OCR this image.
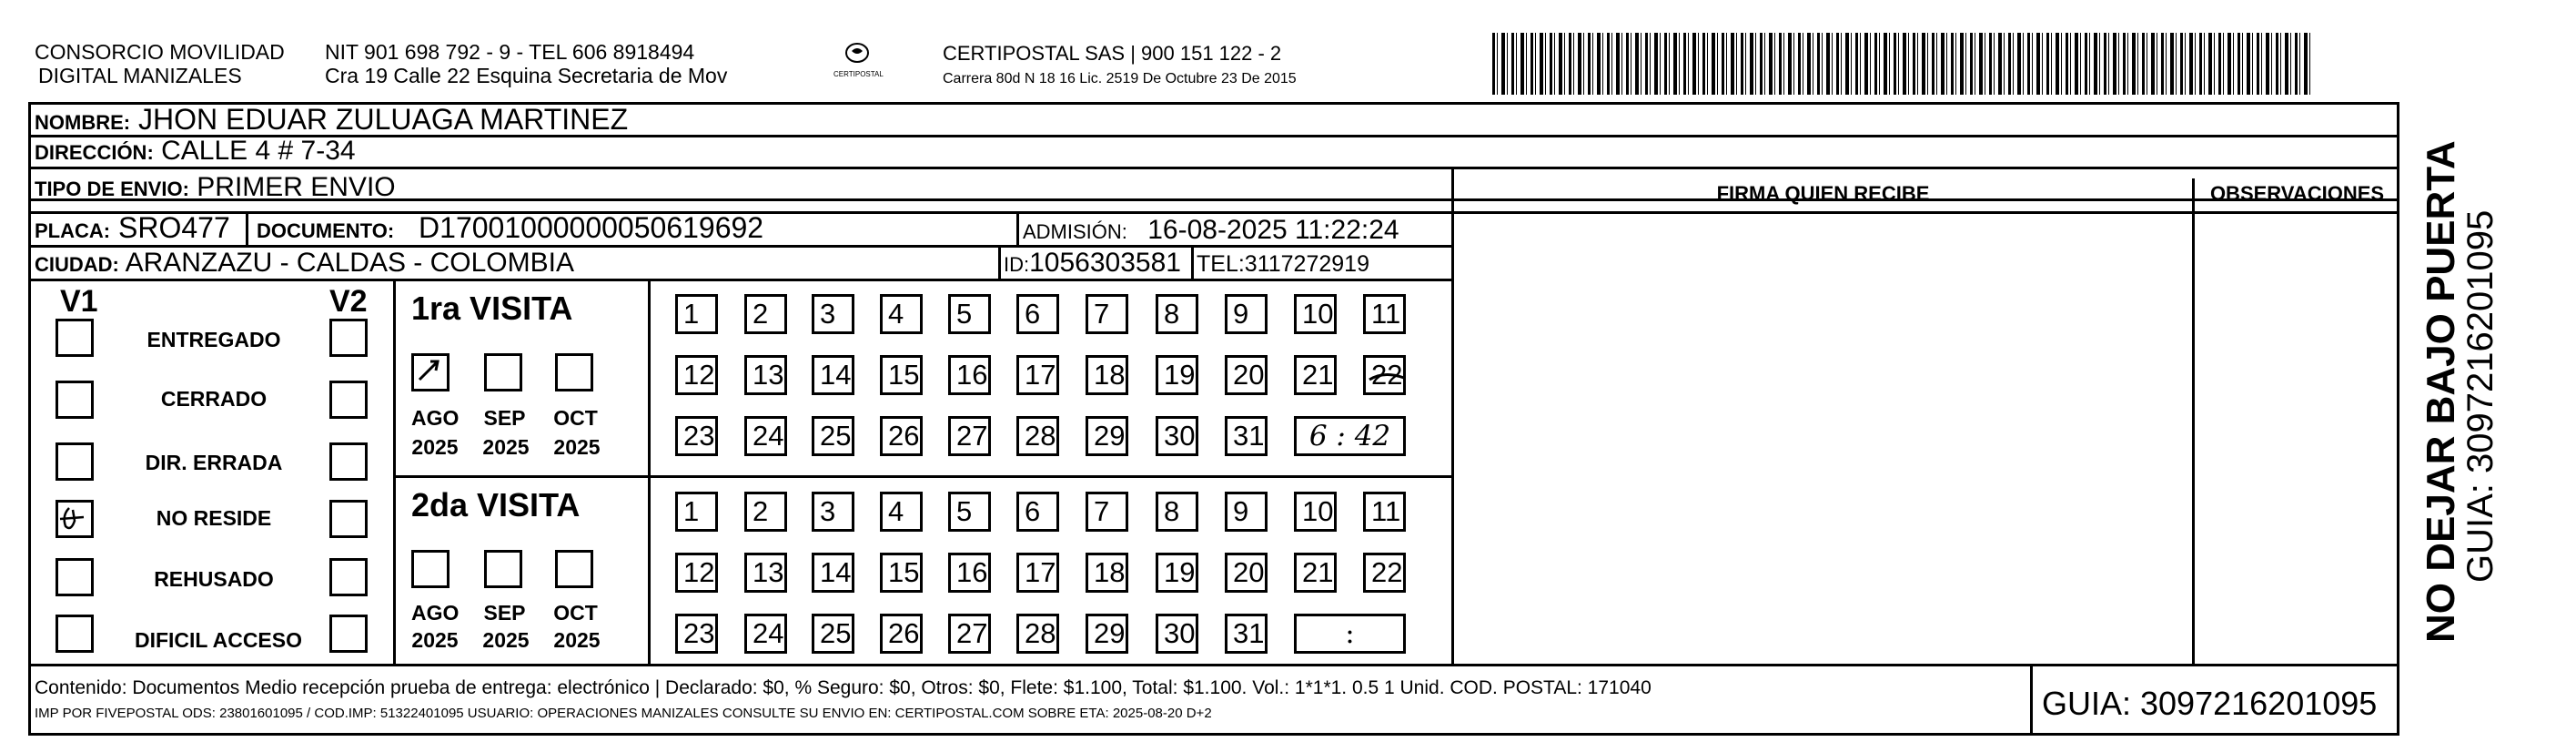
CONSORCIO MOVILIDAD
DIGITAL MANIZALES
NIT 901 698 792 - 9 - TEL 606 8918494
Cra 19 Calle 22 Esquina Secretaria de Mov	CERTIPOSTAL
CERTIPOSTAL SAS | 900 151 122 - 2
Carrera 80d N 18 16 Lic. 2519 De Octubre 23 De 2015
NOMBRE: JHON EDUAR ZULUAGA MARTINEZ
DIRECCIÓN: CALLE 4 # 7-34
TIPO DE ENVIO: PRIMER ENVIO	FIRMA QUIEN RECIBE	OBSERVACIONES
PLACA: SRO477 DOCUMENTO: D17001000000050619692	ADMISIÓN: 16-08-2025 11:22:24
CIUDAD: ARANZAZU - CALDAS - COLOMBIA	ID:1056303581 TEL:3117272919
V1	V2
ENTREGADO
CERRADO
DIR. ERRADA
NO RESIDE
REHUSADO
DIFICIL ACCESO
1ra VISITA
AGO SEP OCT
2025 2025 2025
2da VISITA
AGO SEP OCT
2025 2025 2025
1	2	3	4	5	6	7	8	9	10 11
12 13 14 15 16 17 18 19 20 21 22
23 24 25 26 27 28 29 30 31	6 : 42
1	2	3	4	5	6	7	8	9	10 11
12 13 14 15 16 17 18 19 20 21 22
23 24 25 26 27 28 29 30 31	:
Contenido: Documentos Medio recepción prueba de entrega: electrónico | Declarado: $0, % Seguro: $0, Otros: $0, Flete: $1.100, Total: $1.100. Vol.: 1*1*1. 0.5 1 Unid. COD. POSTAL: 171040
IMP POR FIVEPOSTAL ODS: 23801601095 / COD.IMP: 51322401095 USUARIO: OPERACIONES MANIZALES CONSULTE SU ENVIO EN: CERTIPOSTAL.COM SOBRE ETA: 2025-08-20 D+2	GUIA: 3097216201095
NO DEJAR BAJO PUERTA
GUIA: 3097216201095
